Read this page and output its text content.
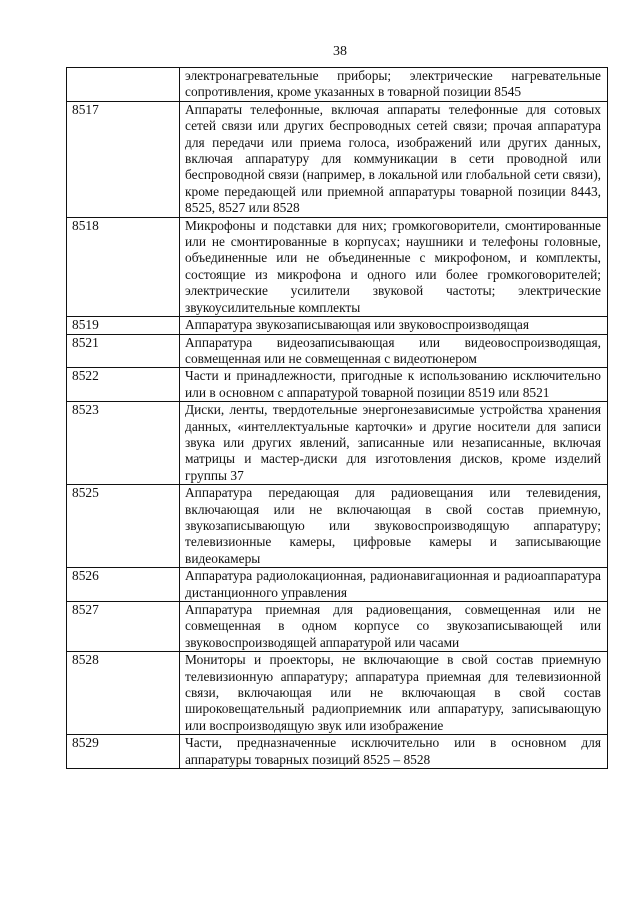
38
	электронагревательные приборы; электрические нагревательные сопротивления, кроме указанных в товарной позиции 8545
8517	Аппараты телефонные, включая аппараты телефонные для сотовых сетей связи или других беспроводных сетей связи; прочая аппаратура для передачи или приема голоса, изображений или других данных, включая аппаратуру для коммуникации в сети проводной или беспроводной связи (например, в локальной или глобальной сети связи), кроме передающей или приемной аппаратуры товарной позиции 8443, 8525, 8527 или 8528
8518	Микрофоны и подставки для них; громкоговорители, смонтированные или не смонтированные в корпусах; наушники и телефоны головные, объединенные или не объединенные с микрофоном, и комплекты, состоящие из микрофона и одного или более громкоговорителей; электрические усилители звуковой частоты; электрические звукоусилительные комплекты
8519	Аппаратура звукозаписывающая или звуковоспроизводящая
8521	Аппаратура видеозаписывающая или видеовоспроизводящая, совмещенная или не совмещенная с видеотюнером
8522	Части и принадлежности, пригодные к использованию исключительно или в основном с аппаратурой товарной позиции 8519 или 8521
8523	Диски, ленты, твердотельные энергонезависимые устройства хранения данных, «интеллектуальные карточки» и другие носители для записи звука или других явлений, записанные или незаписанные, включая матрицы и мастер-диски для изготовления дисков, кроме изделий группы 37
8525	Аппаратура передающая для радиовещания или телевидения, включающая или не включающая в свой состав приемную, звукозаписывающую или звуковоспроизводящую аппаратуру; телевизионные камеры, цифровые камеры и записывающие видеокамеры
8526	Аппаратура радиолокационная, радионавигационная и радиоаппаратура дистанционного управления
8527	Аппаратура приемная для радиовещания, совмещенная или не совмещенная в одном корпусе со звукозаписывающей или звуковоспроизводящей аппаратурой или часами
8528	Мониторы и проекторы, не включающие в свой состав приемную телевизионную аппаратуру; аппаратура приемная для телевизионной связи, включающая или не включающая в свой состав широковещательный радиоприемник или аппаратуру, записывающую или воспроизводящую звук или изображение
8529	Части, предназначенные исключительно или в основном для аппаратуры товарных позиций 8525 – 8528
